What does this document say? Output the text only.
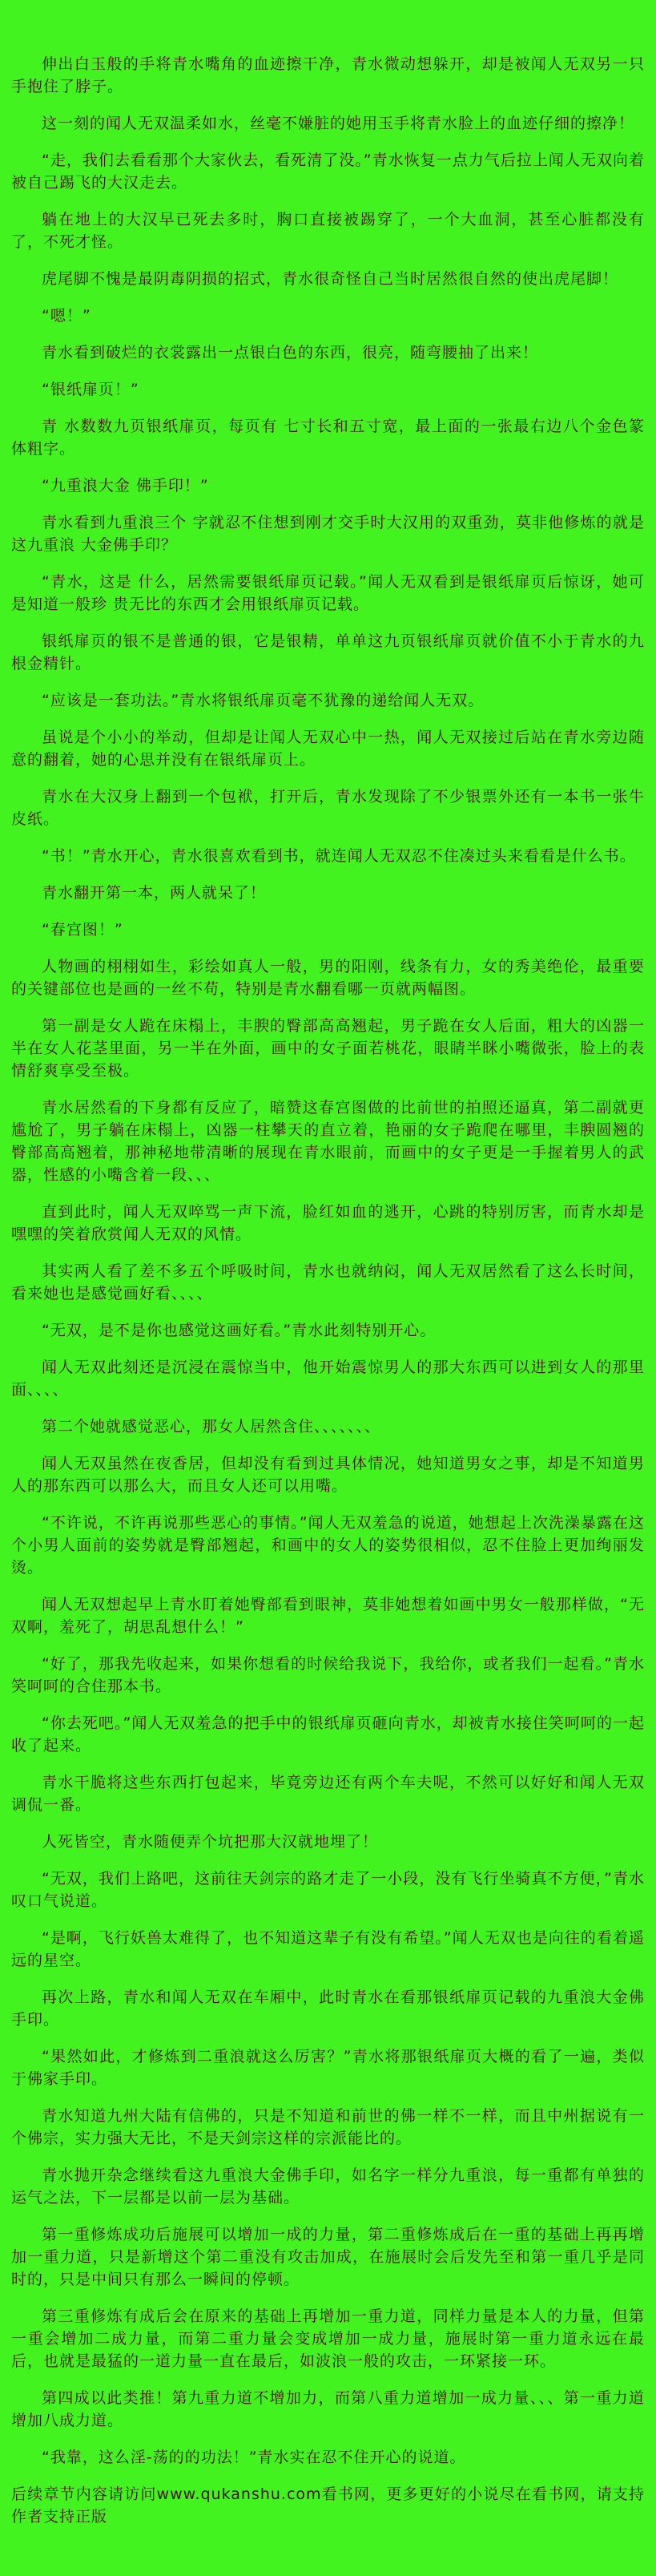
伸出白玉般的手将青水嘴角的血迹擦干净，青水微动想躲开，却是被闻人无双另一只手抱住了脖子。

这一刻的闻人无双温柔如水，丝毫不嫌脏的她用玉手将青水脸上的血迹仔细的擦净！

“走，我们去看看那个大家伙去，看死清了没。”青水恢复一点力气后拉上闻人无双向着被自己踢飞的大汉走去。

躺在地上的大汉早已死去多时，胸口直接被踢穿了，一个大血洞，甚至心脏都没有了，不死才怪。

虎尾脚不愧是最阴毒阴损的招式，青水很奇怪自己当时居然很自然的使出虎尾脚！

“嗯！”

青水看到破烂的衣裳露出一点银白色的东西，很亮，随弯腰抽了出来！

“银纸扉页！”

青 水数数九页银纸扉页，每页有 七寸长和五寸宽，最上面的一张最右边八个金色篆体粗字。

“九重浪大金 佛手印！”

青水看到九重浪三个 字就忍不住想到刚才交手时大汉用的双重劲，莫非他修炼的就是这九重浪 大金佛手印？

“青水，这是 什么，居然需要银纸扉页记载。”闻人无双看到是银纸扉页后惊讶，她可是知道一般珍 贵无比的东西才会用银纸扉页记载。

银纸扉页的银不是普通的银，它是银精，单单这九页银纸扉页就价值不小于青水的九根金精针。

“应该是一套功法。”青水将银纸扉页毫不犹豫的递给闻人无双。

虽说是个小小的举动，但却是让闻人无双心中一热，闻人无双接过后站在青水旁边随意的翻着，她的心思并没有在银纸扉页上。

青水在大汉身上翻到一个包袱，打开后，青水发现除了不少银票外还有一本书一张牛皮纸。

“书！”青水开心，青水很喜欢看到书，就连闻人无双忍不住凑过头来看看是什么书。

青水翻开第一本，两人就呆了！

“春宫图！”

人物画的栩栩如生，彩绘如真人一般，男的阳刚，线条有力，女的秀美绝伦，最重要的关键部位也是画的一丝不苟，特别是青水翻看哪一页就两幅图。

第一副是女人跪在床榻上，丰腴的臀部高高翘起，男子跪在女人后面，粗大的凶器一半在女人花茎里面，另一半在外面，画中的女子面若桃花，眼睛半眯小嘴微张，脸上的表情舒爽享受至极。

青水居然看的下身都有反应了，暗赞这春宫图做的比前世的拍照还逼真，第二副就更尴尬了，男子躺在床榻上，凶器一柱攀天的直立着，艳丽的女子跪爬在哪里，丰腴圆翘的臀部高高翘着，那神秘地带清晰的展现在青水眼前，而画中的女子更是一手握着男人的武器，性感的小嘴含着一段、、、

直到此时，闻人无双啐骂一声下流，脸红如血的逃开，心跳的特别厉害，而青水却是嘿嘿的笑着欣赏闻人无双的风情。

其实两人看了差不多五个呼吸时间，青水也就纳闷，闻人无双居然看了这么长时间，看来她也是感觉画好看、、、、

“无双，是不是你也感觉这画好看。”青水此刻特别开心。

闻人无双此刻还是沉浸在震惊当中，他开始震惊男人的那大东西可以进到女人的那里面、、、、

第二个她就感觉恶心，那女人居然含住、、、、、、、

闻人无双虽然在夜香居，但却没有看到过具体情况，她知道男女之事，却是不知道男人的那东西可以那么大，而且女人还可以用嘴。

“不许说，不许再说那些恶心的事情。”闻人无双羞急的说道，她想起上次洗澡暴露在这个小男人面前的姿势就是臀部翘起，和画中的女人的姿势很相似，忍不住脸上更加绚丽发烫。

闻人无双想起早上青水盯着她臀部看到眼神，莫非她想着如画中男女一般那样做，“无双啊，羞死了，胡思乱想什么！”

“好了，那我先收起来，如果你想看的时候给我说下，我给你，或者我们一起看。”青水笑呵呵的合住那本书。

“你去死吧。”闻人无双羞急的把手中的银纸扉页砸向青水，却被青水接住笑呵呵的一起收了起来。

青水干脆将这些东西打包起来，毕竟旁边还有两个车夫呢，不然可以好好和闻人无双调侃一番。

人死皆空，青水随便弄个坑把那大汉就地埋了！

“无双，我们上路吧，这前往天剑宗的路才走了一小段，没有飞行坐骑真不方便，”青水叹口气说道。

“是啊，飞行妖兽太难得了，也不知道这辈子有没有希望。”闻人无双也是向往的看着遥远的星空。

再次上路，青水和闻人无双在车厢中，此时青水在看那银纸扉页记载的九重浪大金佛手印。

“果然如此，才修炼到二重浪就这么厉害？”青水将那银纸扉页大概的看了一遍，类似于佛家手印。

青水知道九州大陆有信佛的，只是不知道和前世的佛一样不一样，而且中州据说有一个佛宗，实力强大无比，不是天剑宗这样的宗派能比的。

青水抛开杂念继续看这九重浪大金佛手印，如名字一样分九重浪，每一重都有单独的运气之法，下一层都是以前一层为基础。

第一重修炼成功后施展可以增加一成的力量，第二重修炼成后在一重的基础上再再增加一重力道，只是新增这个第二重没有攻击加成，在施展时会后发先至和第一重几乎是同时的，只是中间只有那么一瞬间的停顿。

第三重修炼有成后会在原来的基础上再增加一重力道，同样力量是本人的力量，但第一重会增加二成力量，而第二重力量会变成增加一成力量，施展时第一重力道永远在最后，也就是最猛的一道力量一直在最后，如波浪一般的攻击，一环紧接一环。

第四成以此类推！第九重力道不增加力，而第八重力道增加一成力量、、、第一重力道增加八成力道。

“我靠，这么淫-荡的的功法！”青水实在忍不住开心的说道。

后续章节内容请访问www.qukanshu.com看书网，更多更好的小说尽在看书网，请支持作者支持正版
